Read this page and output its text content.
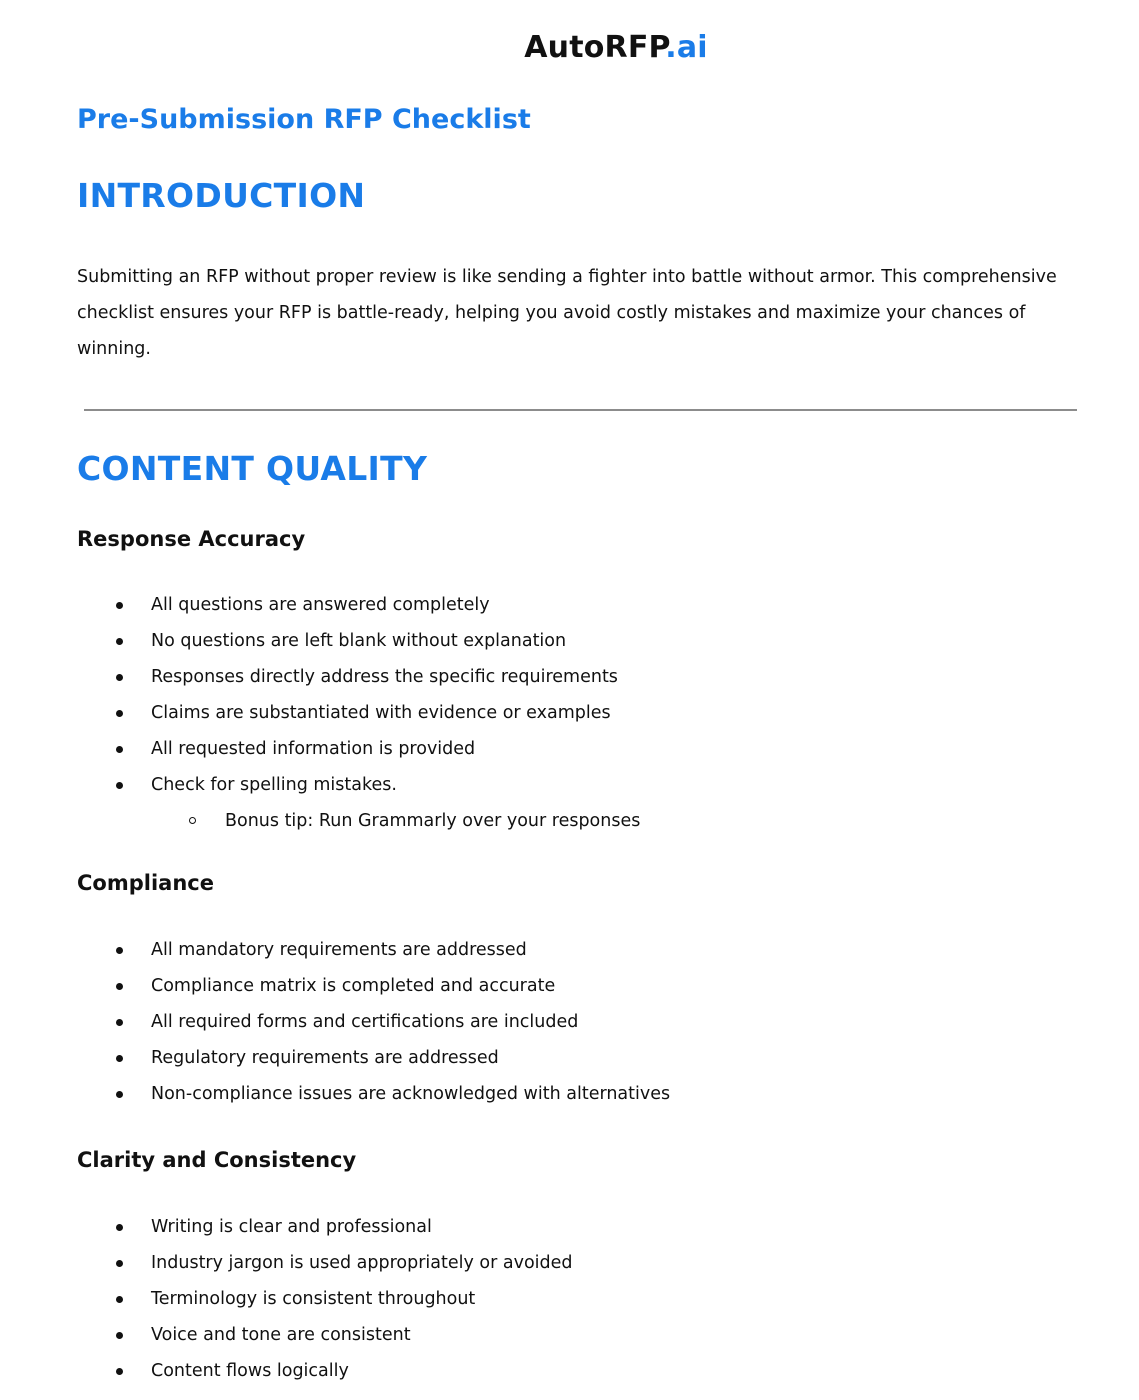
AutoRFP.ai
Pre-Submission RFP Checklist
INTRODUCTION

Submitting an RFP without proper review is like sending a fighter into battle without armor. This comprehensive checklist ensures your RFP is battle-ready, helping you avoid costly mistakes and maximize your chances of winning.

CONTENT QUALITY
Response Accuracy
All questions are answered completely
No questions are left blank without explanation
Responses directly address the specific requirements
Claims are substantiated with evidence or examples
All requested information is provided
Check for spelling mistakes.
Bonus tip: Run Grammarly over your responses
Compliance
All mandatory requirements are addressed
Compliance matrix is completed and accurate
All required forms and certifications are included
Regulatory requirements are addressed
Non-compliance issues are acknowledged with alternatives
Clarity and Consistency
Writing is clear and professional
Industry jargon is used appropriately or avoided
Terminology is consistent throughout
Voice and tone are consistent
Content flows logically
